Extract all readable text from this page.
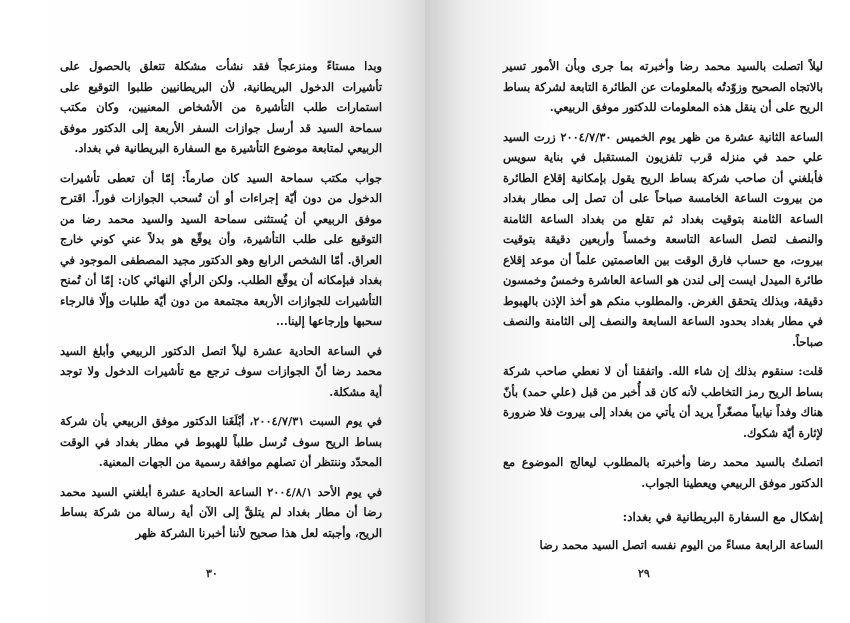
وبدا مستاءً ومنزعجاً فقد نشأت مشكلة تتعلق بالحصول على تأشيرات الدخول البريطانية، لأن البريطانيين طلبوا التوقيع على استمارات طلب التأشيرة من الأشخاص المعنيين، وكان مكتب سماحة السيد قد أرسل جوازات السفر الأربعة إلى الدكتور موفق الربيعي لمتابعة موضوع التأشيرة مع السفارة البريطانية في بغداد.

جواب مكتب سماحة السيد كان صارماً: إمّا أن تعطى تأشيرات الدخول من دون أيّة إجراءات أو أن تُسحب الجوازات فوراً. اقترح موفق الربيعي أن يُستثنى سماحة السيد والسيد محمد رضا من التوقيع على طلب التأشيرة، وأن يوقّع هو بدلاً عني كوني خارج العراق. أمّا الشخص الرابع وهو الدكتور مجيد المصطفى الموجود في بغداد فبإمكانه أن يوقّع الطلب. ولكن الرأي النهائي كان: إمّا أن تُمنح التأشيرات للجوازات الأربعة مجتمعة من دون أيّة طلبات وإلّا فالرجاء سحبها وإرجاعها إلينا...

في الساعة الحادية عشرة ليلاً اتصل الدكتور الربيعي وأبلغ السيد محمد رضا أنّ الجوازات سوف ترجع مع تأشيرات الدخول ولا توجد أية مشكلة.

في يوم السبت ٢٠٠٤/٧/٣١، أبْلَغَنا الدكتور موفق الربيعي بأن شركة بساط الريح سوف تُرسل طلباً للهبوط في مطار بغداد في الوقت المحدّد وننتظر أن تصلهم موافقة رسمية من الجهات المعنية.

في يوم الأحد ٢٠٠٤/٨/١ الساعة الحادية عشرة أبلغني السيد محمد رضا أن مطار بغداد لم يتلقَّ إلى الآن أية رسالة من شركة بساط الريح، وأجبته لعل هذا صحيح لأننا أخبرنا الشركة ظهر

٣٠

ليلاً اتصلت بالسيد محمد رضا وأخبرته بما جرى وبأن الأمور تسير بالاتجاه الصحيح وزوّدتُه بالمعلومات عن الطائرة التابعة لشركة بساط الريح على أن ينقل هذه المعلومات للدكتور موفق الربيعي.

الساعة الثانية عشرة من ظهر يوم الخميس ٢٠٠٤/٧/٣٠ زرت السيد علي حمد في منزله قرب تلفزيون المستقبل في بناية سويس فأبلغني أن صاحب شركة بساط الريح يقول بإمكانية إقلاع الطائرة من بيروت الساعة الخامسة صباحاً على أن تصل إلى مطار بغداد الساعة الثامنة بتوقيت بغداد ثم تقلع من بغداد الساعة الثامنة والنصف لتصل الساعة التاسعة وخمساً وأربعين دقيقة بتوقيت بيروت، مع حساب فارق الوقت بين العاصمتين علماً أن موعد إقلاع طائرة الميدل ايست إلى لندن هو الساعة العاشرة وخمسٌ وخمسون دقيقة، وبذلك يتحقق الغرض. والمطلوب منكم هو أخذ الإذن بالهبوط في مطار بغداد بحدود الساعة السابعة والنصف إلى الثامنة والنصف صباحاً.

قلت: سنقوم بذلك إن شاء الله. واتفقنا أن لا نعطي صاحب شركة بساط الريح رمز التخاطب لأنه كان قد أُخبر من قبل (علي حمد) بأنّ هناك وفداً نيابياً مصغّراً يريد أن يأتي من بغداد إلى بيروت فلا ضرورة لإثارة أيّة شكوك.

اتصلتُ بالسيد محمد رضا وأخبرته بالمطلوب ليعالج الموضوع مع الدكتور موفق الربيعي ويعطينا الجواب.

إشكال مع السفارة البريطانية في بغداد:

الساعة الرابعة مساءً من اليوم نفسه اتصل السيد محمد رضا

٢٩
